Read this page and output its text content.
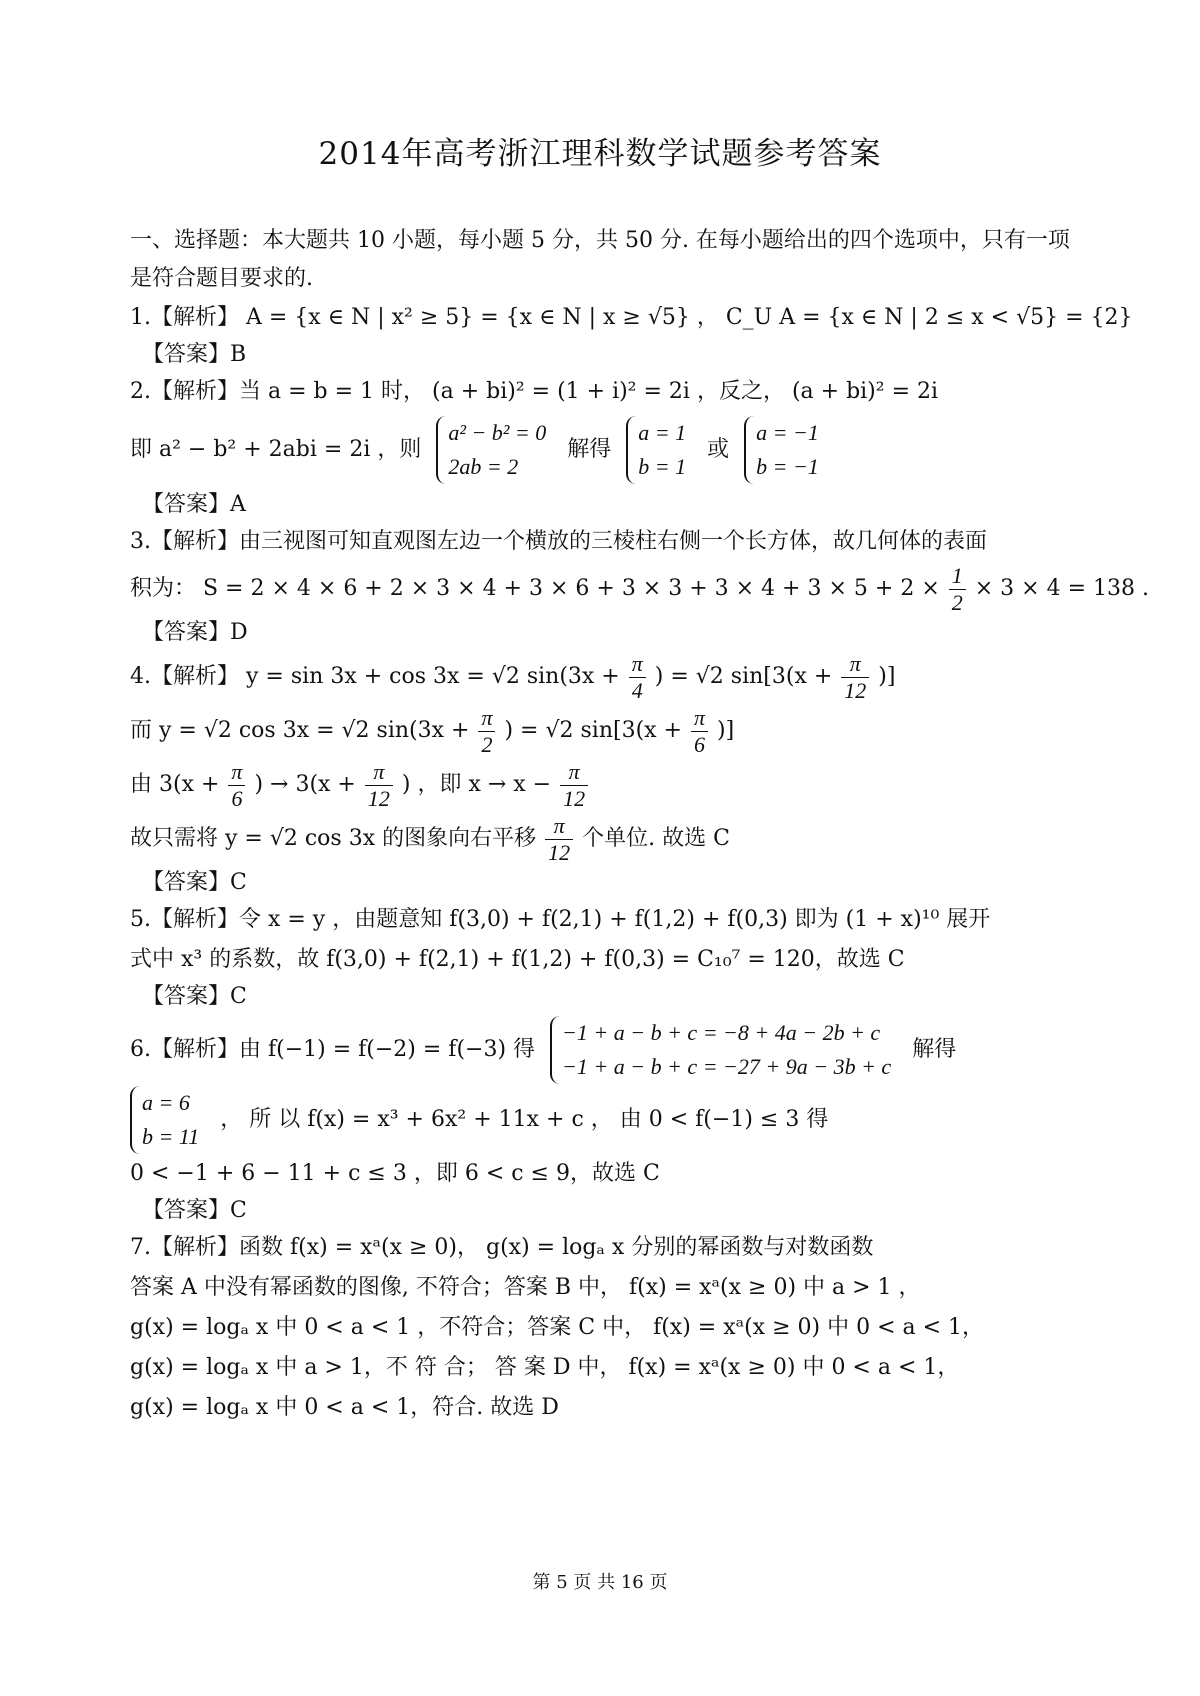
2014年高考浙江理科数学试题参考答案
一、选择题：本大题共 10 小题，每小题 5 分，共 50 分. 在每小题给出的四个选项中，只有一项是符合题目要求的.
1.【解析】 A = {x ∈ N | x² ≥ 5} = {x ∈ N | x ≥ √5} ， C_U A = {x ∈ N | 2 ≤ x < √5} = {2}
【答案】B
2.【解析】当 a = b = 1 时， (a + bi)² = (1 + i)² = 2i ，反之， (a + bi)² = 2i
即 a² − b² + 2abi = 2i ，则 a² − b² = 0
2ab = 2 解得 a = 1
b = 1 或 a = −1
b = −1
【答案】A
3.【解析】由三视图可知直观图左边一个横放的三棱柱右侧一个长方体，故几何体的表面
积为： $S = 2 \times 4 \times 6 + 2 \times 3 \times 4 + 3 \times 6 + 3 \times 3 + 3 \times 4 + 3 \times 5 + 2 \times \frac{1}{2} \times 3 \times 4 = 138$ .
【答案】D
4.【解析】 y = sin 3x + cos 3x = √2 $\sin(3x + \frac{\pi}{4}$ ) = √2 $\sin[3(x + \frac{\pi}{12}$ )]
而 y = √2 cos 3x = √2 $\sin(3x + \frac{\pi}{2}$ ) = √2 $\sin[3(x + \frac{\pi}{6}$ )]
由 $3(x + \frac{\pi}{6}$ ) → $3(x + \frac{\pi}{12}$ ) ，即 $x \to x - \frac{\pi}{12}$
故只需将 y = √2 cos 3x 的图象向右平移 $\frac{\pi}{12}$ 个单位. 故选 C
【答案】C
5.【解析】令 x = y ，由题意知 f(3,0) + f(2,1) + f(1,2) + f(0,3) 即为 (1 + x)¹⁰ 展开
式中 x³ 的系数，故 f(3,0) + f(2,1) + f(1,2) + f(0,3) = C₁₀⁷ = 120，故选 C
【答案】C
6.【解析】由 f(−1) = f(−2) = f(−3) 得 −1 + a − b + c = −8 + 4a − 2b + c
−1 + a − b + c = −27 + 9a − 3b + c 解得
a = 6
b = 11 ， 所 以 f(x) = x³ + 6x² + 11x + c ， 由 0 < f(−1) ≤ 3 得
0 < −1 + 6 − 11 + c ≤ 3 ，即 6 < c ≤ 9，故选 C
【答案】C
7.【解析】函数 f(x) = xᵃ(x ≥ 0)， g(x) = logₐ x 分别的幂函数与对数函数
答案 A 中没有幂函数的图像, 不符合；答案 B 中， f(x) = xᵃ(x ≥ 0) 中 a > 1 ，
g(x) = logₐ x 中 0 < a < 1 ，不符合；答案 C 中， f(x) = xᵃ(x ≥ 0) 中 0 < a < 1，
g(x) = logₐ x 中 a > 1，不 符 合； 答 案 D 中， f(x) = xᵃ(x ≥ 0) 中 0 < a < 1，
g(x) = logₐ x 中 0 < a < 1，符合. 故选 D
第 5 页 共 16 页
